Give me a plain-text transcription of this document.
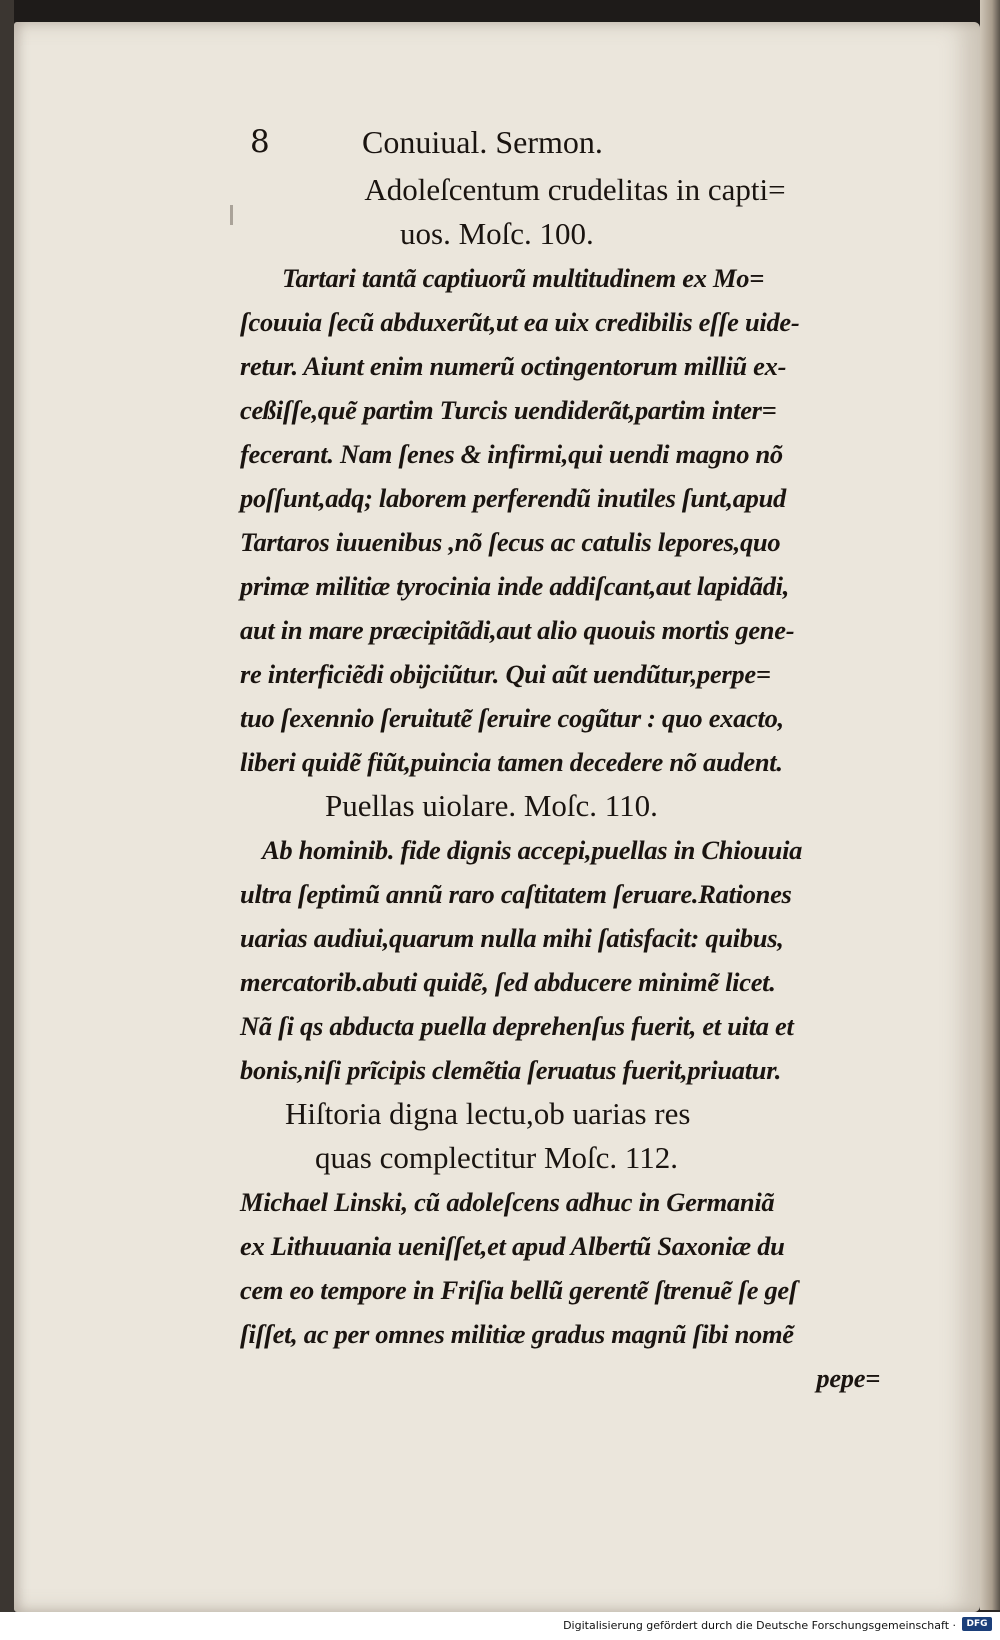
8	Conuiual. Sermon.
Adoleſcentum crudelitas in capti=
uos. Moſc. 100.
Tartari tantã captiuorũ multitudinem ex Mo=
ſcouuia ſecũ abduxerũt,ut ea uix credibilis eſſe uide-
retur. Aiunt enim numerũ octingentorum milliũ ex-
ceßiſſe,quẽ partim Turcis uendiderãt,partim inter=
fecerant. Nam ſenes & infirmi,qui uendi magno nõ
poſſunt,adq; laborem perferendũ inutiles ſunt,apud
Tartaros iuuenibus ,nõ ſecus ac catulis lepores,quo
primæ militiæ tyrocinia inde addiſcant,aut lapidãdi,
aut in mare præcipitãdi,aut alio quouis mortis gene-
re interficiẽdi obijciũtur. Qui aũt uendũtur,perpe=
tuo ſexennio ſeruitutẽ ſeruire cogũtur : quo exacto,
liberi quidẽ fiũt,puincia tamen decedere nõ audent.
Puellas uiolare. Moſc. 110.
Ab hominib. fide dignis accepi,puellas in Chiouuia
ultra ſeptimũ annũ raro caſtitatem ſeruare.Rationes
uarias audiui,quarum nulla mihi ſatisfacit: quibus,
mercatorib.abuti quidẽ, ſed abducere minimẽ licet.
Nã ſi qs abducta puella deprehenſus fuerit, et uita et
bonis,niſi prĩcipis clemẽtia ſeruatus fuerit,priuatur.
Hiſtoria digna lectu,ob uarias res
quas complectitur Moſc. 112.
Michael Linski, cũ adoleſcens adhuc in Germaniã
ex Lithuuania ueniſſet,et apud Albertũ Saxoniæ du
cem eo tempore in Friſia bellũ gerentẽ ſtrenuẽ ſe geſ
ſiſſet, ac per omnes militiæ gradus magnũ ſibi nomẽ
pepe=
Digitalisierung gefördert durch die Deutsche Forschungsgemeinschaft ·	DFG
